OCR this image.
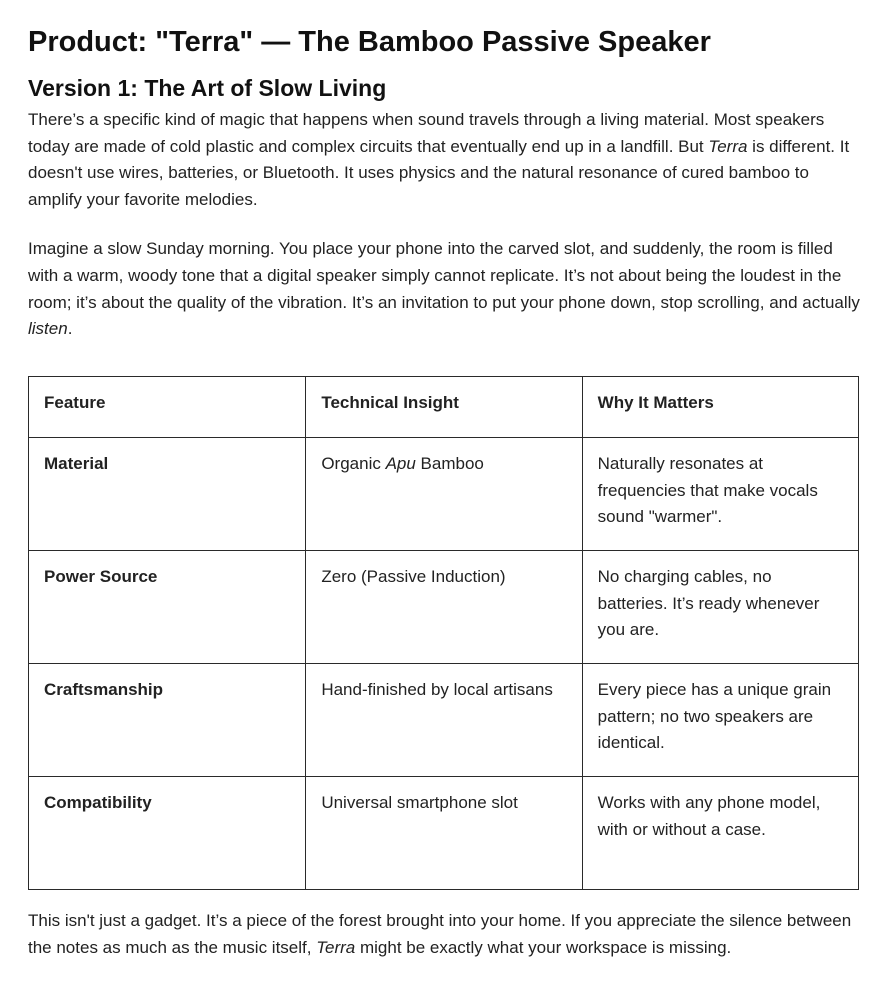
Product: "Terra" — The Bamboo Passive Speaker
Version 1: The Art of Slow Living

There’s a specific kind of magic that happens when sound travels through a living material. Most speakers today are made of cold plastic and complex circuits that eventually end up in a landfill. But Terra is different. It doesn't use wires, batteries, or Bluetooth. It uses physics and the natural resonance of cured bamboo to amplify your favorite melodies.

Imagine a slow Sunday morning. You place your phone into the carved slot, and suddenly, the room is filled with a warm, woody tone that a digital speaker simply cannot replicate. It’s not about being the loudest in the room; it’s about the quality of the vibration. It’s an invitation to put your phone down, stop scrolling, and actually listen.

Feature	Technical Insight	Why It Matters
Material	Organic Apu Bamboo	Naturally resonates at frequencies that make vocals sound "warmer".
Power Source	Zero (Passive Induction)	No charging cables, no batteries. It’s ready whenever you are.
Craftsmanship	Hand-finished by local artisans	Every piece has a unique grain pattern; no two speakers are identical.
Compatibility	Universal smartphone slot	Works with any phone model, with or without a case.

This isn't just a gadget. It’s a piece of the forest brought into your home. If you appreciate the silence between the notes as much as the music itself, Terra might be exactly what your workspace is missing.
